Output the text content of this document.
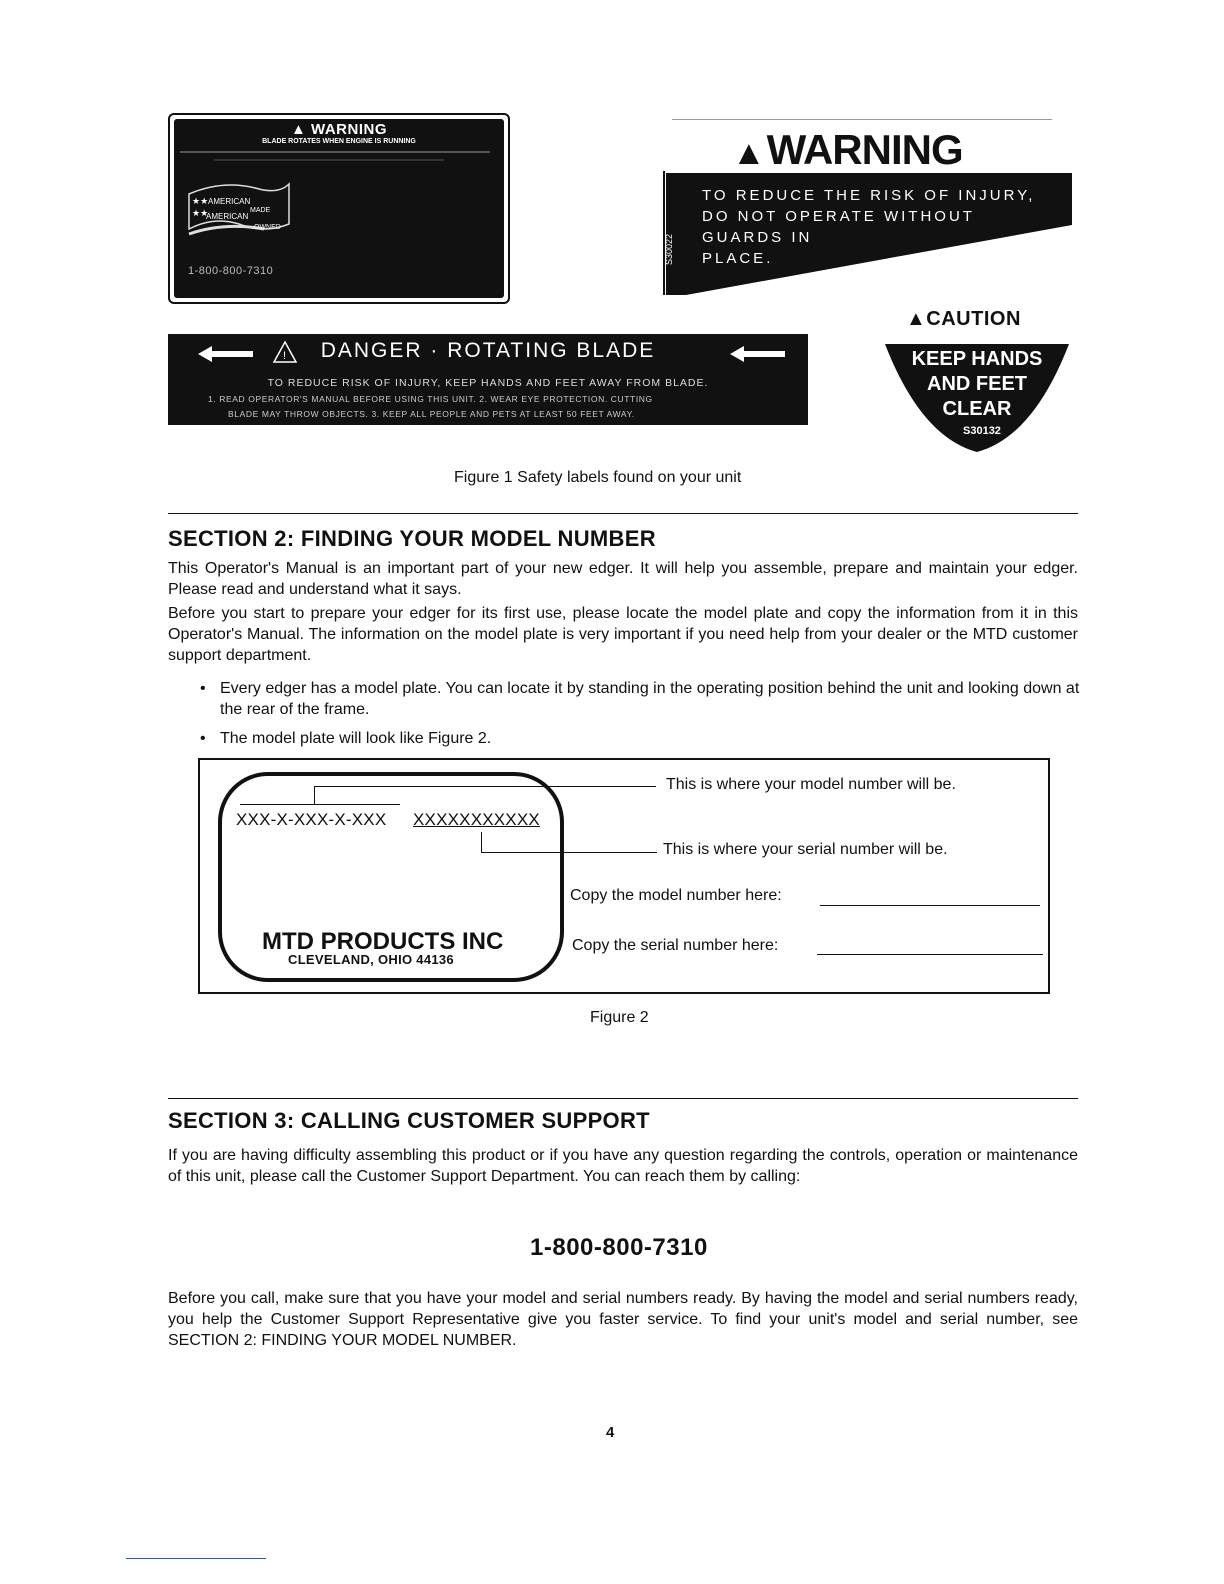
▲ WARNING
BLADE ROTATES WHEN ENGINE IS RUNNING
★★
★★
AMERICAN
MADE
AMERICAN
OWNED
1-800-800-7310
▲WARNING
TO REDUCE THE RISK OF INJURY,
DO NOT OPERATE WITHOUT
GUARDS IN
PLACE.
S30022
!	DANGER · ROTATING BLADE
TO REDUCE RISK OF INJURY, KEEP HANDS AND FEET AWAY FROM BLADE.
1. READ OPERATOR'S MANUAL BEFORE USING THIS UNIT. 2. WEAR EYE PROTECTION. CUTTING
BLADE MAY THROW OBJECTS. 3. KEEP ALL PEOPLE AND PETS AT LEAST 50 FEET AWAY.
▲CAUTION
KEEP HANDS
AND FEET
CLEAR
S30132
Figure 1 Safety labels found on your unit
SECTION 2: FINDING YOUR MODEL NUMBER
This Operator's Manual is an important part of your new edger. It will help you assemble, prepare and maintain your edger. Please read and understand what it says.
Before you start to prepare your edger for its first use, please locate the model plate and copy the information from it in this Operator's Manual. The information on the model plate is very important if you need help from your dealer or the MTD customer support department.
• Every edger has a model plate. You can locate it by standing in the operating position behind the unit and looking down at the rear of the frame.
• The model plate will look like Figure 2.
XXX-X-XXX-X-XXX XXXXXXXXXXX
MTD PRODUCTS INC
CLEVELAND, OHIO 44136
This is where your model number will be.
This is where your serial number will be.
Copy the model number here:
Copy the serial number here:
Figure 2
SECTION 3: CALLING CUSTOMER SUPPORT
If you are having difficulty assembling this product or if you have any question regarding the controls, operation or maintenance of this unit, please call the Customer Support Department. You can reach them by calling:
1-800-800-7310
Before you call, make sure that you have your model and serial numbers ready. By having the model and serial numbers ready, you help the Customer Support Representative give you faster service. To find your unit's model and serial number, see SECTION 2: FINDING YOUR MODEL NUMBER.
4
